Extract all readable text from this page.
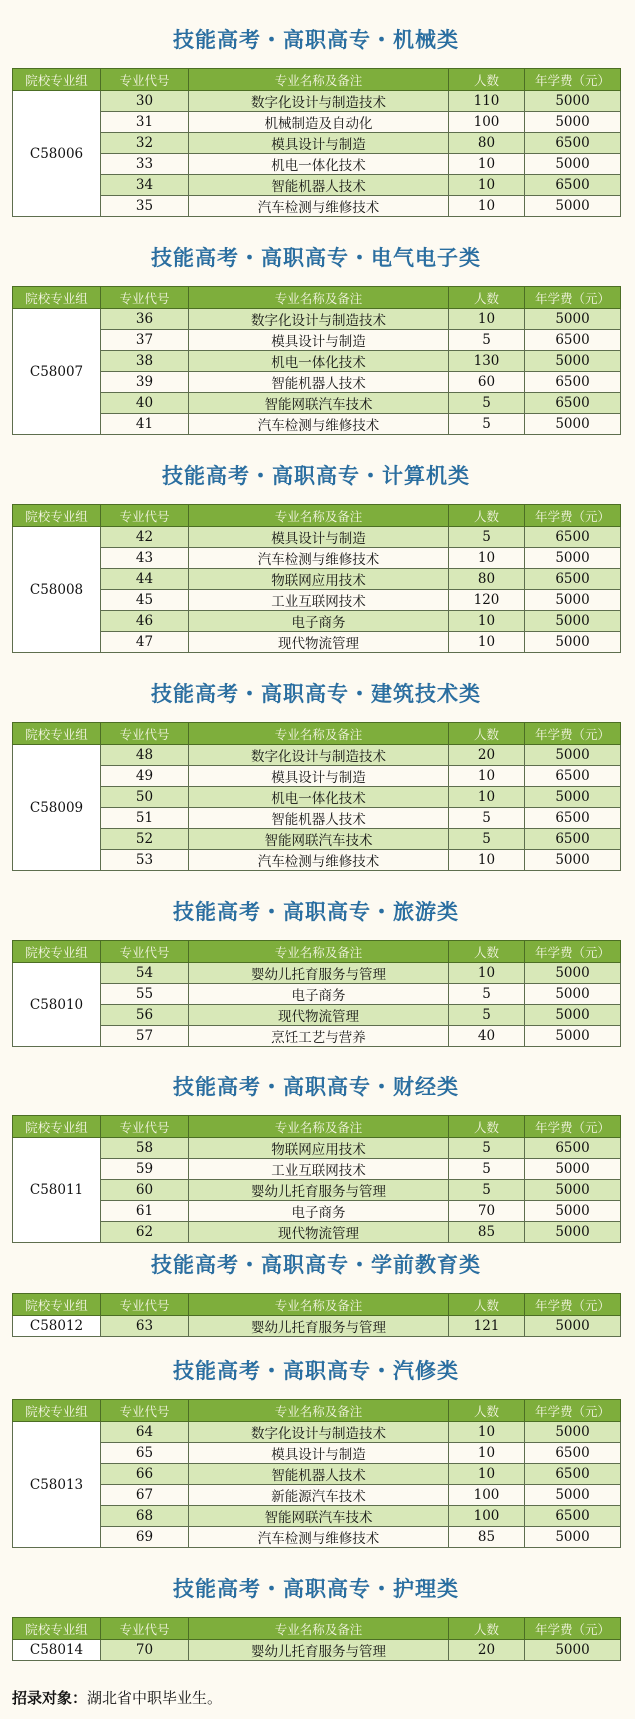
技能高考・高职高专・机械类
院校专业组	专业代号	专业名称及备注	人数	年学费（元）
C58006	30	数字化设计与制造技术	110	5000
	31	机械制造及自动化	100	5000
	32	模具设计与制造	80	6500
	33	机电一体化技术	10	5000
	34	智能机器人技术	10	6500
	35	汽车检测与维修技术	10	5000
技能高考・高职高专・电气电子类
院校专业组	专业代号	专业名称及备注	人数	年学费（元）
C58007	36	数字化设计与制造技术	10	5000
	37	模具设计与制造	5	6500
	38	机电一体化技术	130	5000
	39	智能机器人技术	60	6500
	40	智能网联汽车技术	5	6500
	41	汽车检测与维修技术	5	5000
技能高考・高职高专・计算机类
院校专业组	专业代号	专业名称及备注	人数	年学费（元）
C58008	42	模具设计与制造	5	6500
	43	汽车检测与维修技术	10	5000
	44	物联网应用技术	80	6500
	45	工业互联网技术	120	5000
	46	电子商务	10	5000
	47	现代物流管理	10	5000
技能高考・高职高专・建筑技术类
院校专业组	专业代号	专业名称及备注	人数	年学费（元）
C58009	48	数字化设计与制造技术	20	5000
	49	模具设计与制造	10	6500
	50	机电一体化技术	10	5000
	51	智能机器人技术	5	6500
	52	智能网联汽车技术	5	6500
	53	汽车检测与维修技术	10	5000
技能高考・高职高专・旅游类
院校专业组	专业代号	专业名称及备注	人数	年学费（元）
C58010	54	婴幼儿托育服务与管理	10	5000
	55	电子商务	5	5000
	56	现代物流管理	5	5000
	57	烹饪工艺与营养	40	5000
技能高考・高职高专・财经类
院校专业组	专业代号	专业名称及备注	人数	年学费（元）
C58011	58	物联网应用技术	5	6500
	59	工业互联网技术	5	5000
	60	婴幼儿托育服务与管理	5	5000
	61	电子商务	70	5000
	62	现代物流管理	85	5000
技能高考・高职高专・学前教育类
院校专业组	专业代号	专业名称及备注	人数	年学费（元）
C58012	63	婴幼儿托育服务与管理	121	5000
技能高考・高职高专・汽修类
院校专业组	专业代号	专业名称及备注	人数	年学费（元）
C58013	64	数字化设计与制造技术	10	5000
	65	模具设计与制造	10	6500
	66	智能机器人技术	10	6500
	67	新能源汽车技术	100	5000
	68	智能网联汽车技术	100	6500
	69	汽车检测与维修技术	85	5000
技能高考・高职高专・护理类
院校专业组	专业代号	专业名称及备注	人数	年学费（元）
C58014	70	婴幼儿托育服务与管理	20	5000
招录对象：湖北省中职毕业生。
